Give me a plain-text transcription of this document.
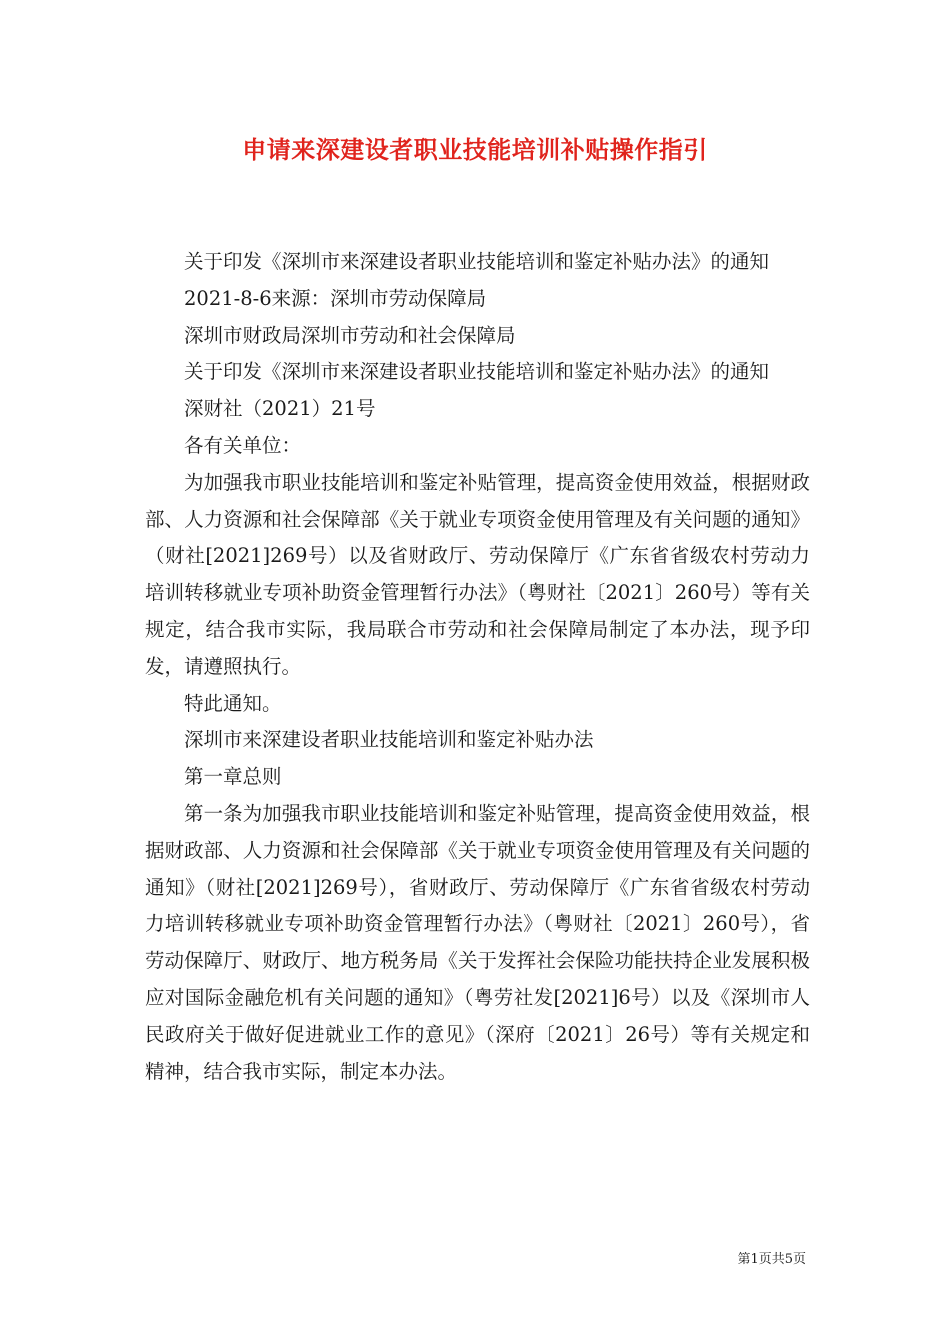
申请来深建设者职业技能培训补贴操作指引

关于印发《深圳市来深建设者职业技能培训和鉴定补贴办法》的通知

2021-8-6来源：深圳市劳动保障局

深圳市财政局深圳市劳动和社会保障局

关于印发《深圳市来深建设者职业技能培训和鉴定补贴办法》的通知

深财社（2021）21号

各有关单位：

为加强我市职业技能培训和鉴定补贴管理，提高资金使用效益，根据财政部、人力资源和社会保障部《关于就业专项资金使用管理及有关问题的通知》（财社[2021]269号）以及省财政厅、劳动保障厅《广东省省级农村劳动力培训转移就业专项补助资金管理暂行办法》（粤财社〔2021〕260号）等有关规定，结合我市实际，我局联合市劳动和社会保障局制定了本办法，现予印发，请遵照执行。

特此通知。

深圳市来深建设者职业技能培训和鉴定补贴办法

第一章总则

第一条为加强我市职业技能培训和鉴定补贴管理，提高资金使用效益，根据财政部、人力资源和社会保障部《关于就业专项资金使用管理及有关问题的通知》（财社[2021]269号），省财政厅、劳动保障厅《广东省省级农村劳动力培训转移就业专项补助资金管理暂行办法》（粤财社〔2021〕260号），省劳动保障厅、财政厅、地方税务局《关于发挥社会保险功能扶持企业发展积极应对国际金融危机有关问题的通知》（粤劳社发[2021]6号）以及《深圳市人民政府关于做好促进就业工作的意见》（深府〔2021〕26号）等有关规定和精神，结合我市实际，制定本办法。

第1页共5页
